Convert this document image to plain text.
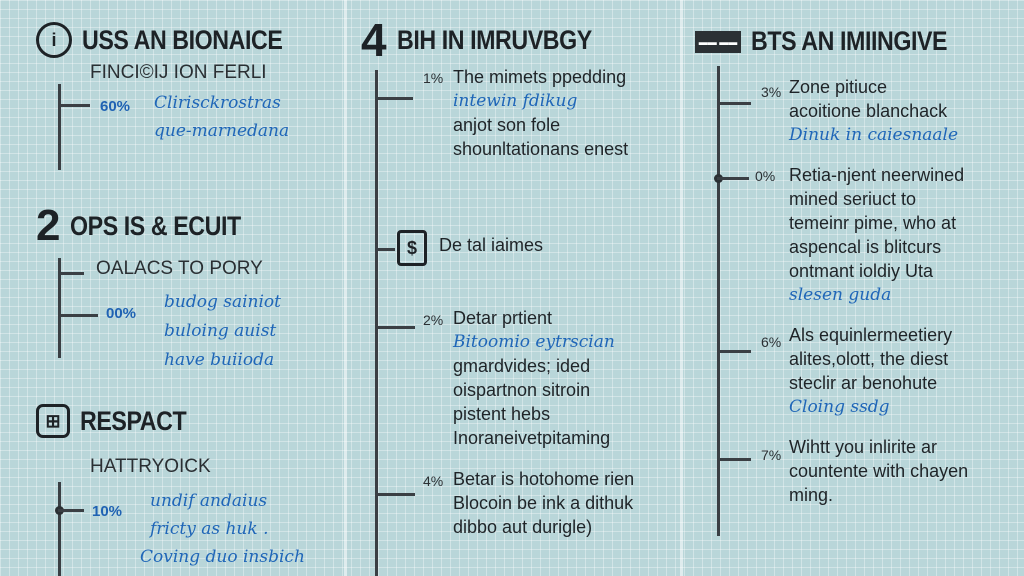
i USS AN BIONAICE
FINCI©IJ ION FERLI
60% Clirisckrostras
que-marnedana
2 OPS IS & ECUIT
OALACS TO PORY
00%
budog sainiot
buloing auist
have buiioda
⊞ RESPACT
HATTRYOICK
10%
undif andaius
fricty as huk .
Coving duo insbich
4 BIH IN IMRUVBGY
1% The mimets ppedding
intewin fdikug
anjot son fole
shounltationans enest
$	De tal iaimes
2% Detar prtient
Bitoomio eytrscian
gmardvides; ided
oispartnon sitroin
pistent hebs
Inoraneivetpitaming
4% Betar is hotohome rien
Blocoin be ink a dithuk
dibbo aut durigle)
▬▬ ▬▬ BTS AN IMIINGIVE
3% Zone pitiuce
acoitione blanchack
Dinuk in caiesnaale
0% Retia-njent neerwined
mined seriuct to
temeinr pime, who at
aspencal is blitcurs
ontmant ioldiy Uta
slesen guda
6% Als equinlermeetiery
alites,olott, the diest
steclir ar benohute
Cloing ssdg
7% Wihtt you inlirite ar
countente with chayen
ming.
